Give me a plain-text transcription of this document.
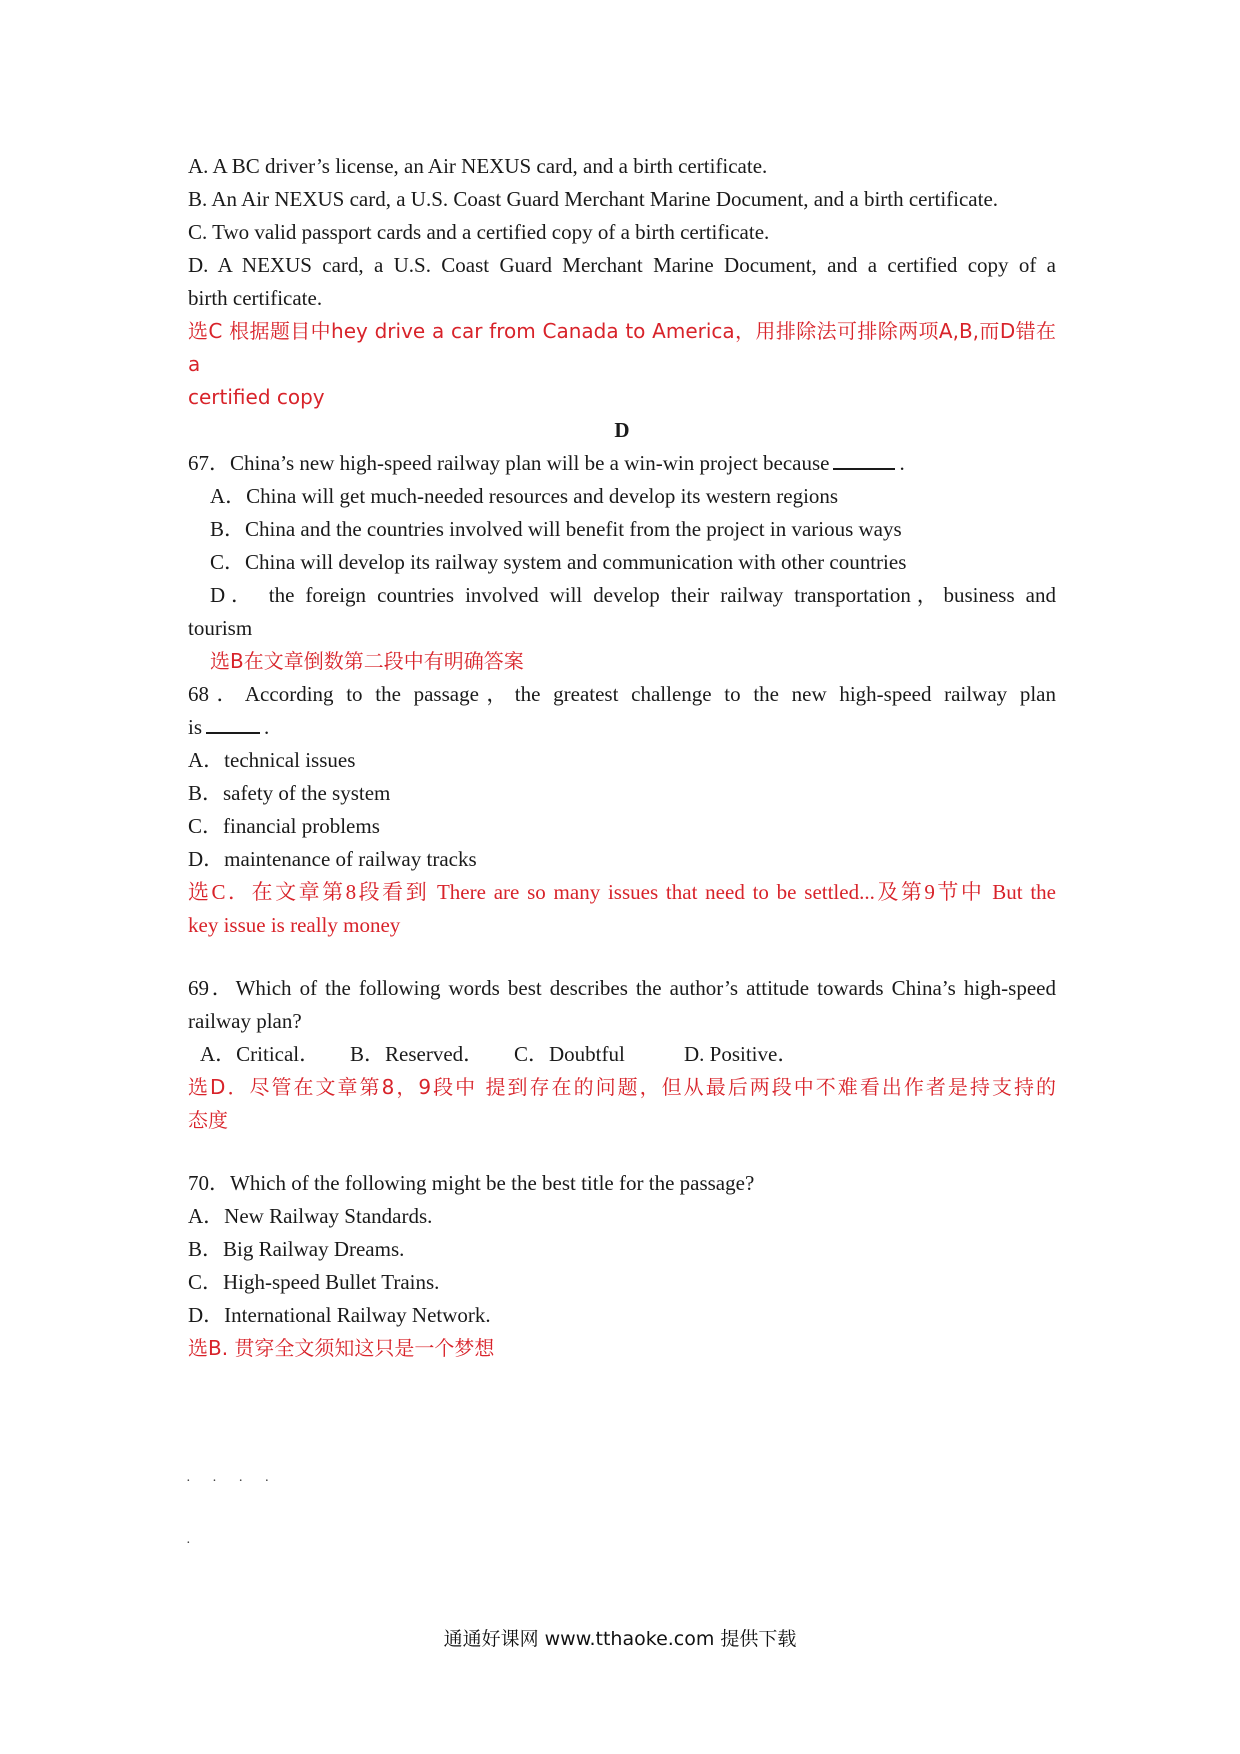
A. A BC driver’s license, an Air NEXUS card, and a birth certificate.
B. An Air NEXUS card, a U.S. Coast Guard Merchant Marine Document, and a birth certificate.
C. Two valid passport cards and a certified copy of a birth certificate.
D. A NEXUS card, a U.S. Coast Guard Merchant Marine Document, and a certified copy of a
birth certificate.
选C 根据题目中hey drive a car from Canada to America，用排除法可排除两项A,B,而D错在a
certified copy
D
67．China’s new high-speed railway plan will be a win-win project because	.
A．China will get much-needed resources and develop its western regions
B．China and the countries involved will benefit from the project in various ways
C．China will develop its railway system and communication with other countries
D． the foreign countries involved will develop their railway transportation，business and
tourism
选B在文章倒数第二段中有明确答案
68．According to the passage，the greatest challenge to the new high-speed railway plan
is	.
A．technical issues
B．safety of the system
C．financial problems
D．maintenance of railway tracks
选C．在文章第8段看到 There are so many issues that need to be settled...及第9节中 But the
key issue is really money
69．Which of the following words best describes the author’s attitude towards China’s high-speed
railway plan?
A．Critical．	B．Reserved．	C．Doubtful	D. Positive．
选D．尽管在文章第8，9段中 提到存在的问题，但从最后两段中不难看出作者是持支持的
态度
70．Which of the following might be the best title for the passage?
A．New Railway Standards.
B．Big Railway Dreams.
C．High-speed Bullet Trains.
D．International Railway Network.
选B. 贯穿全文须知这只是一个梦想
· · · ·
·
通通好课网 www.tthaoke.com 提供下载
